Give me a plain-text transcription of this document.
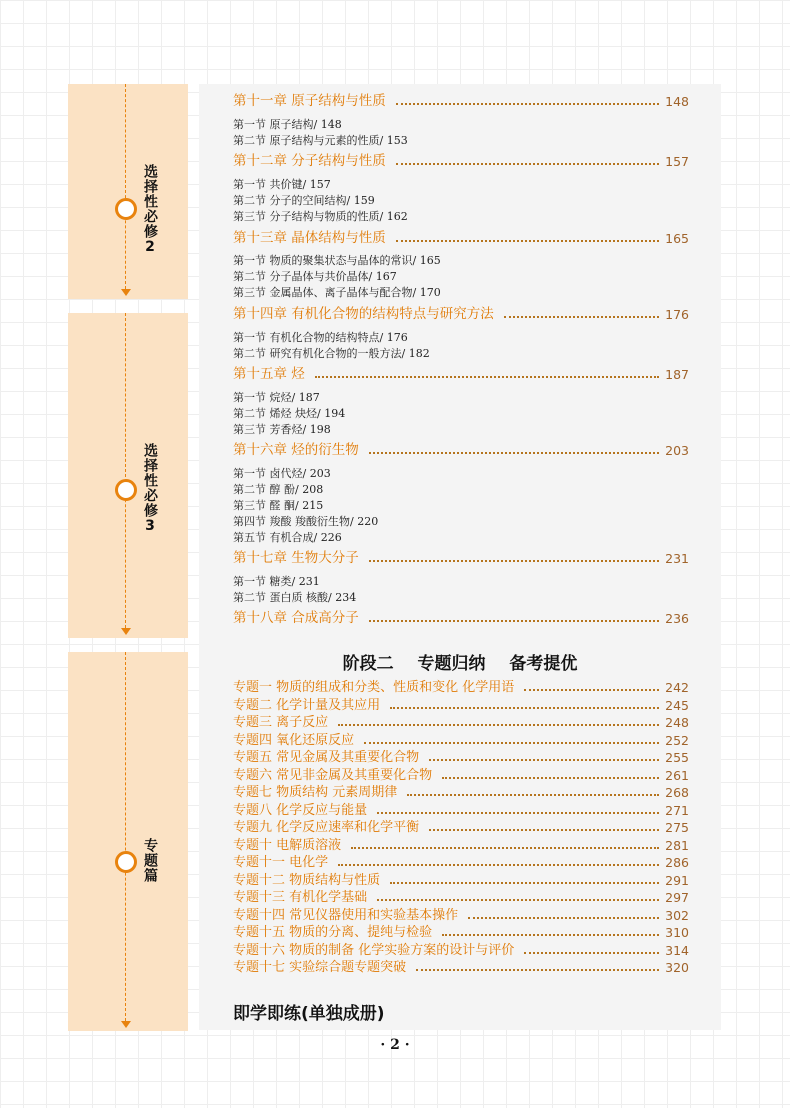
选择性必修2
选择性必修3
专题篇
第十一章 原子结构与性质	148
第一节 原子结构/ 148
第二节 原子结构与元素的性质/ 153
第十二章 分子结构与性质	157
第一节 共价键/ 157
第二节 分子的空间结构/ 159
第三节 分子结构与物质的性质/ 162
第十三章 晶体结构与性质	165
第一节 物质的聚集状态与晶体的常识/ 165
第二节 分子晶体与共价晶体/ 167
第三节 金属晶体、离子晶体与配合物/ 170
第十四章 有机化合物的结构特点与研究方法	176
第一节 有机化合物的结构特点/ 176
第二节 研究有机化合物的一般方法/ 182
第十五章 烃	187
第一节 烷烃/ 187
第二节 烯烃 炔烃/ 194
第三节 芳香烃/ 198
第十六章 烃的衍生物	203
第一节 卤代烃/ 203
第二节 醇 酚/ 208
第三节 醛 酮/ 215
第四节 羧酸 羧酸衍生物/ 220
第五节 有机合成/ 226
第十七章 生物大分子	231
第一节 糖类/ 231
第二节 蛋白质 核酸/ 234
第十八章 合成高分子	236
阶段二 专题归纳 备考提优
专题一 物质的组成和分类、性质和变化 化学用语	242
专题二 化学计量及其应用	245
专题三 离子反应	248
专题四 氧化还原反应	252
专题五 常见金属及其重要化合物	255
专题六 常见非金属及其重要化合物	261
专题七 物质结构 元素周期律	268
专题八 化学反应与能量	271
专题九 化学反应速率和化学平衡	275
专题十 电解质溶液	281
专题十一 电化学	286
专题十二 物质结构与性质	291
专题十三 有机化学基础	297
专题十四 常见仪器使用和实验基本操作	302
专题十五 物质的分离、提纯与检验	310
专题十六 物质的制备 化学实验方案的设计与评价	314
专题十七 实验综合题专题突破	320
即学即练(单独成册)
· 2 ·
